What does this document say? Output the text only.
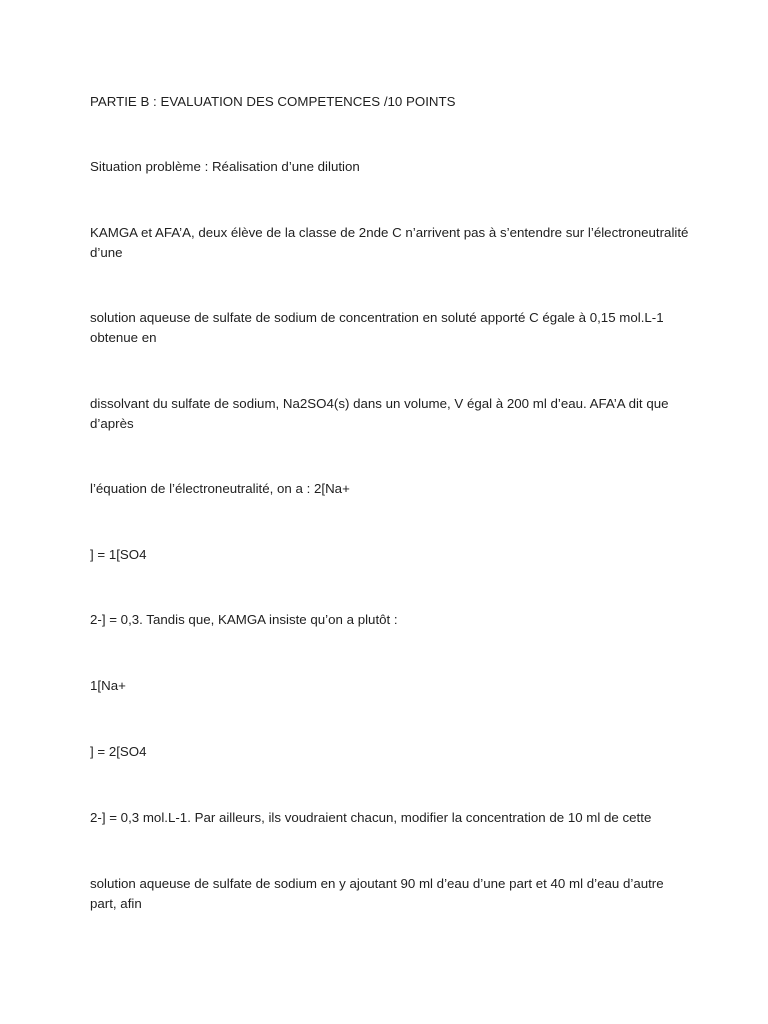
PARTIE B : EVALUATION DES COMPETENCES /10 POINTS

Situation problème : Réalisation d’une dilution

KAMGA et AFA’A, deux élève de la classe de 2nde C n’arrivent pas à s’entendre sur l’électroneutralité d’une

solution aqueuse de sulfate de sodium de concentration en soluté apporté C égale à 0,15 mol.L-1 obtenue en

dissolvant du sulfate de sodium, Na2SO4(s) dans un volume, V égal à 200 ml d’eau. AFA’A dit que d’après

l’équation de l’électroneutralité, on a : 2[Na+

] = 1[SO4

2-] = 0,3. Tandis que, KAMGA insiste qu’on a plutôt :

1[Na+

] = 2[SO4

2-] = 0,3 mol.L-1. Par ailleurs, ils voudraient chacun, modifier la concentration de 10 ml de cette

solution aqueuse de sulfate de sodium en y ajoutant 90 ml d’eau d’une part et 40 ml d’eau d’autre part, afin
